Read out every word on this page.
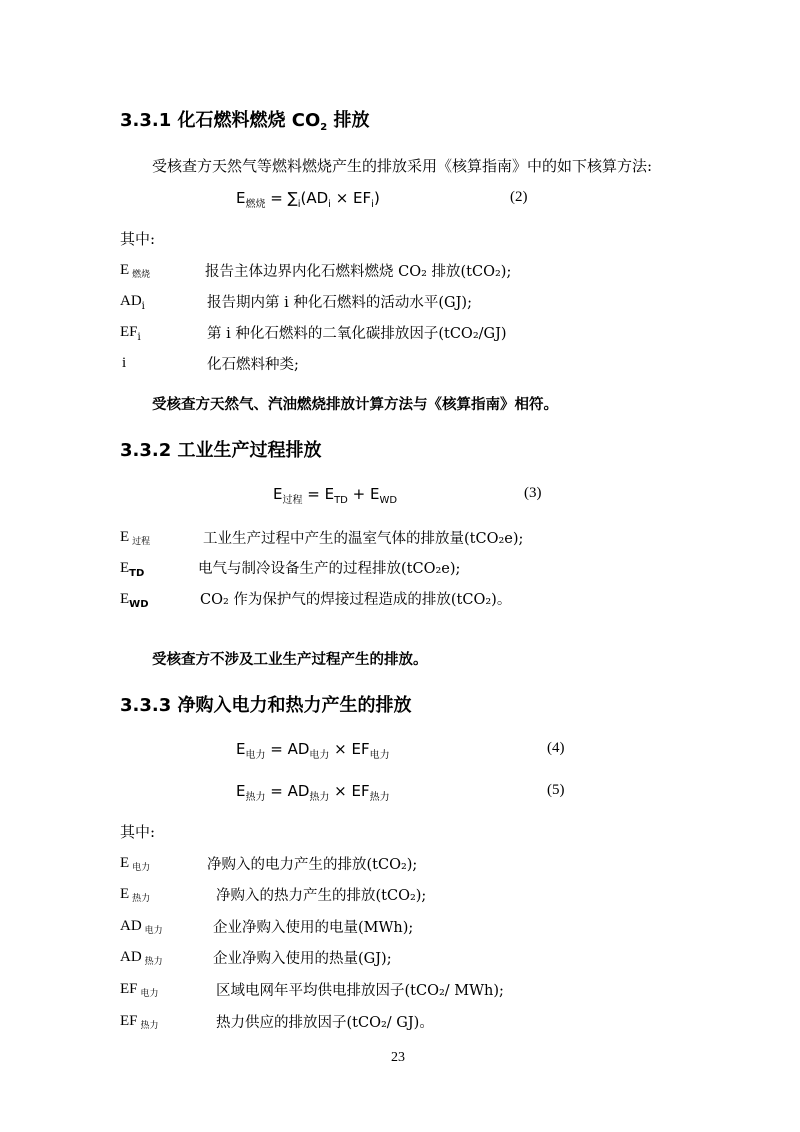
3.3.1 化石燃料燃烧 $CO_2$ 排放
受核查方天然气等燃料燃烧产生的排放采用《核算指南》中的如下核算方法:
$E_{燃烧} = \sum_i(AD_i \times EF_i)$	(2)
其中:
E燃烧	报告主体边界内化石燃料燃烧 CO₂ 排放(tCO₂);
$AD_i$	报告期内第 i 种化石燃料的活动水平(GJ);
$EF_i$	第 i 种化石燃料的二氧化碳排放因子(tCO₂/GJ)
i	化石燃料种类;
受核查方天然气、汽油燃烧排放计算方法与《核算指南》相符。
3.3.2 工业生产过程排放
$E_{过程} = E_{TD} + E_{WD}$	(3)
E过程	工业生产过程中产生的温室气体的排放量(tCO₂e);
$E_{TD}$	电气与制冷设备生产的过程排放(tCO₂e);
$E_{WD}$	CO₂ 作为保护气的焊接过程造成的排放(tCO₂)。
受核查方不涉及工业生产过程产生的排放。
3.3.3 净购入电力和热力产生的排放
$E_{电力} = AD_{电力} \times EF_{电力}$	(4)
$E_{热力} = AD_{热力} \times EF_{热力}$	(5)
其中:
E电力	净购入的电力产生的排放(tCO₂);
E热力	净购入的热力产生的排放(tCO₂);
AD 电力	企业净购入使用的电量(MWh);
AD 热力	企业净购入使用的热量(GJ);
EF 电力	区域电网年平均供电排放因子(tCO₂/ MWh);
EF 热力	热力供应的排放因子(tCO₂/ GJ)。
23
